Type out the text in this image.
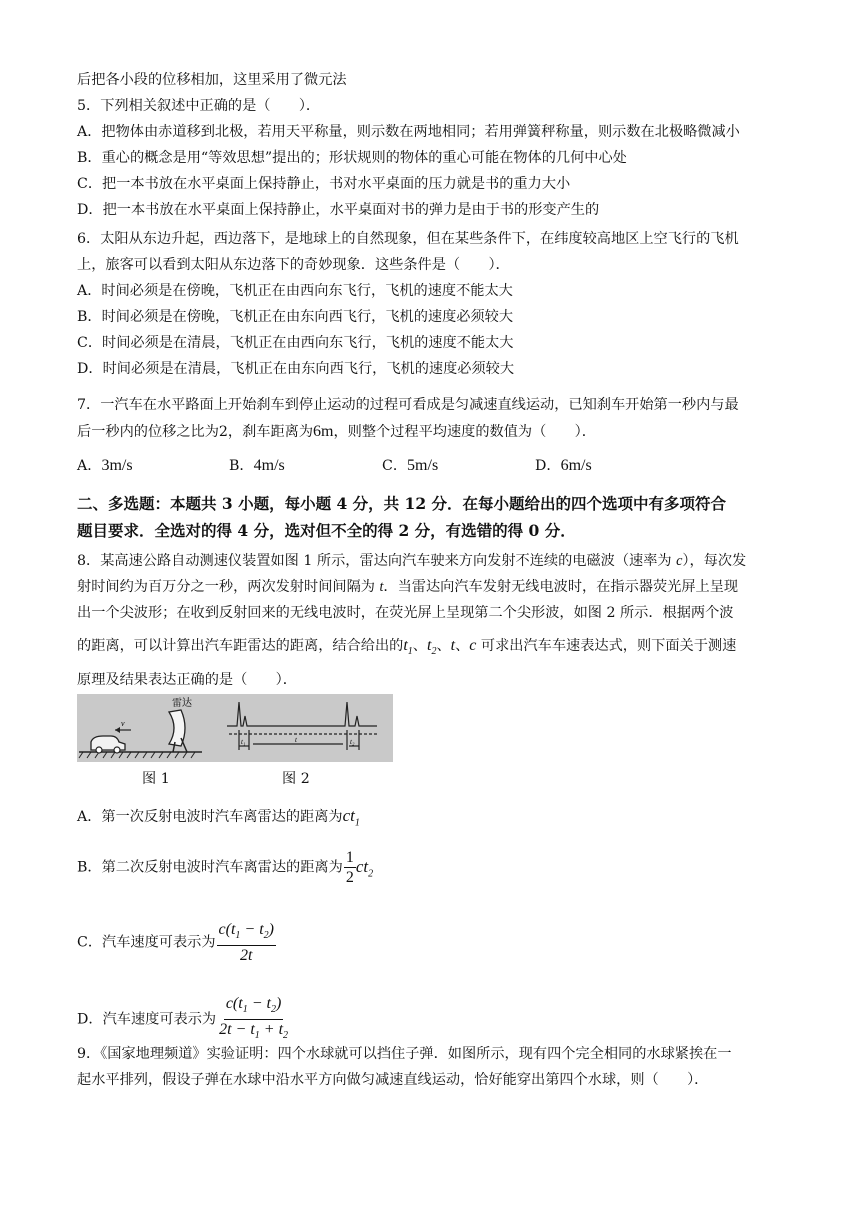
后把各小段的位移相加，这里采用了微元法
5．下列相关叙述中正确的是（　　）．
A．把物体由赤道移到北极，若用天平称量，则示数在两地相同；若用弹簧秤称量，则示数在北极略微减小
B．重心的概念是用“等效思想”提出的；形状规则的物体的重心可能在物体的几何中心处
C．把一本书放在水平桌面上保持静止，书对水平桌面的压力就是书的重力大小
D．把一本书放在水平桌面上保持静止，水平桌面对书的弹力是由于书的形变产生的
6．太阳从东边升起，西边落下，是地球上的自然现象，但在某些条件下，在纬度较高地区上空飞行的飞机
上，旅客可以看到太阳从东边落下的奇妙现象．这些条件是（　　）．
A．时间必须是在傍晚，飞机正在由西向东飞行，飞机的速度不能太大
B．时间必须是在傍晚，飞机正在由东向西飞行，飞机的速度必须较大
C．时间必须是在清晨，飞机正在由西向东飞行，飞机的速度不能太大
D．时间必须是在清晨，飞机正在由东向西飞行，飞机的速度必须较大
7．一汽车在水平路面上开始刹车到停止运动的过程可看成是匀减速直线运动，已知刹车开始第一秒内与最
后一秒内的位移之比为2，刹车距离为6m，则整个过程平均速度的数值为（　　）．
A．3m/s	B．4m/s	C．5m/s	D．6m/s
二、多选题：本题共 3 小题，每小题 4 分，共 12 分．在每小题给出的四个选项中有多项符合
题目要求．全选对的得 4 分，选对但不全的得 2 分，有选错的得 0 分．
8．某高速公路自动测速仪装置如图 1 所示，雷达向汽车驶来方向发射不连续的电磁波（速率为 c），每次发
射时间约为百万分之一秒，两次发射时间间隔为 t．当雷达向汽车发射无线电波时，在指示器荧光屏上呈现
出一个尖波形；在收到反射回来的无线电波时，在荧光屏上呈现第二个尖形波，如图 2 所示．根据两个波
的距离，可以计算出汽车距雷达的距离，结合给出的$t_1$、$t_2$、t、c 可求出汽车车速表达式，则下面关于测速
原理及结果表达正确的是（　　）．
v
雷达
t₁	t	t₂
图 1	图 2
A．第一次反射电波时汽车离雷达的距离为$ct_1$
B．第二次反射电波时汽车离雷达的距离为 $\frac{1}{2} ct_2$
C．汽车速度可表示为 $\frac{c(t_1 - t_2)}{2t}$
D．汽车速度可表示为 $\frac{c(t_1 - t_2)}{2t - t_1 + t_2}$
9．《国家地理频道》实验证明：四个水球就可以挡住子弹．如图所示，现有四个完全相同的水球紧挨在一
起水平排列，假设子弹在水球中沿水平方向做匀减速直线运动，恰好能穿出第四个水球，则（　　）．
